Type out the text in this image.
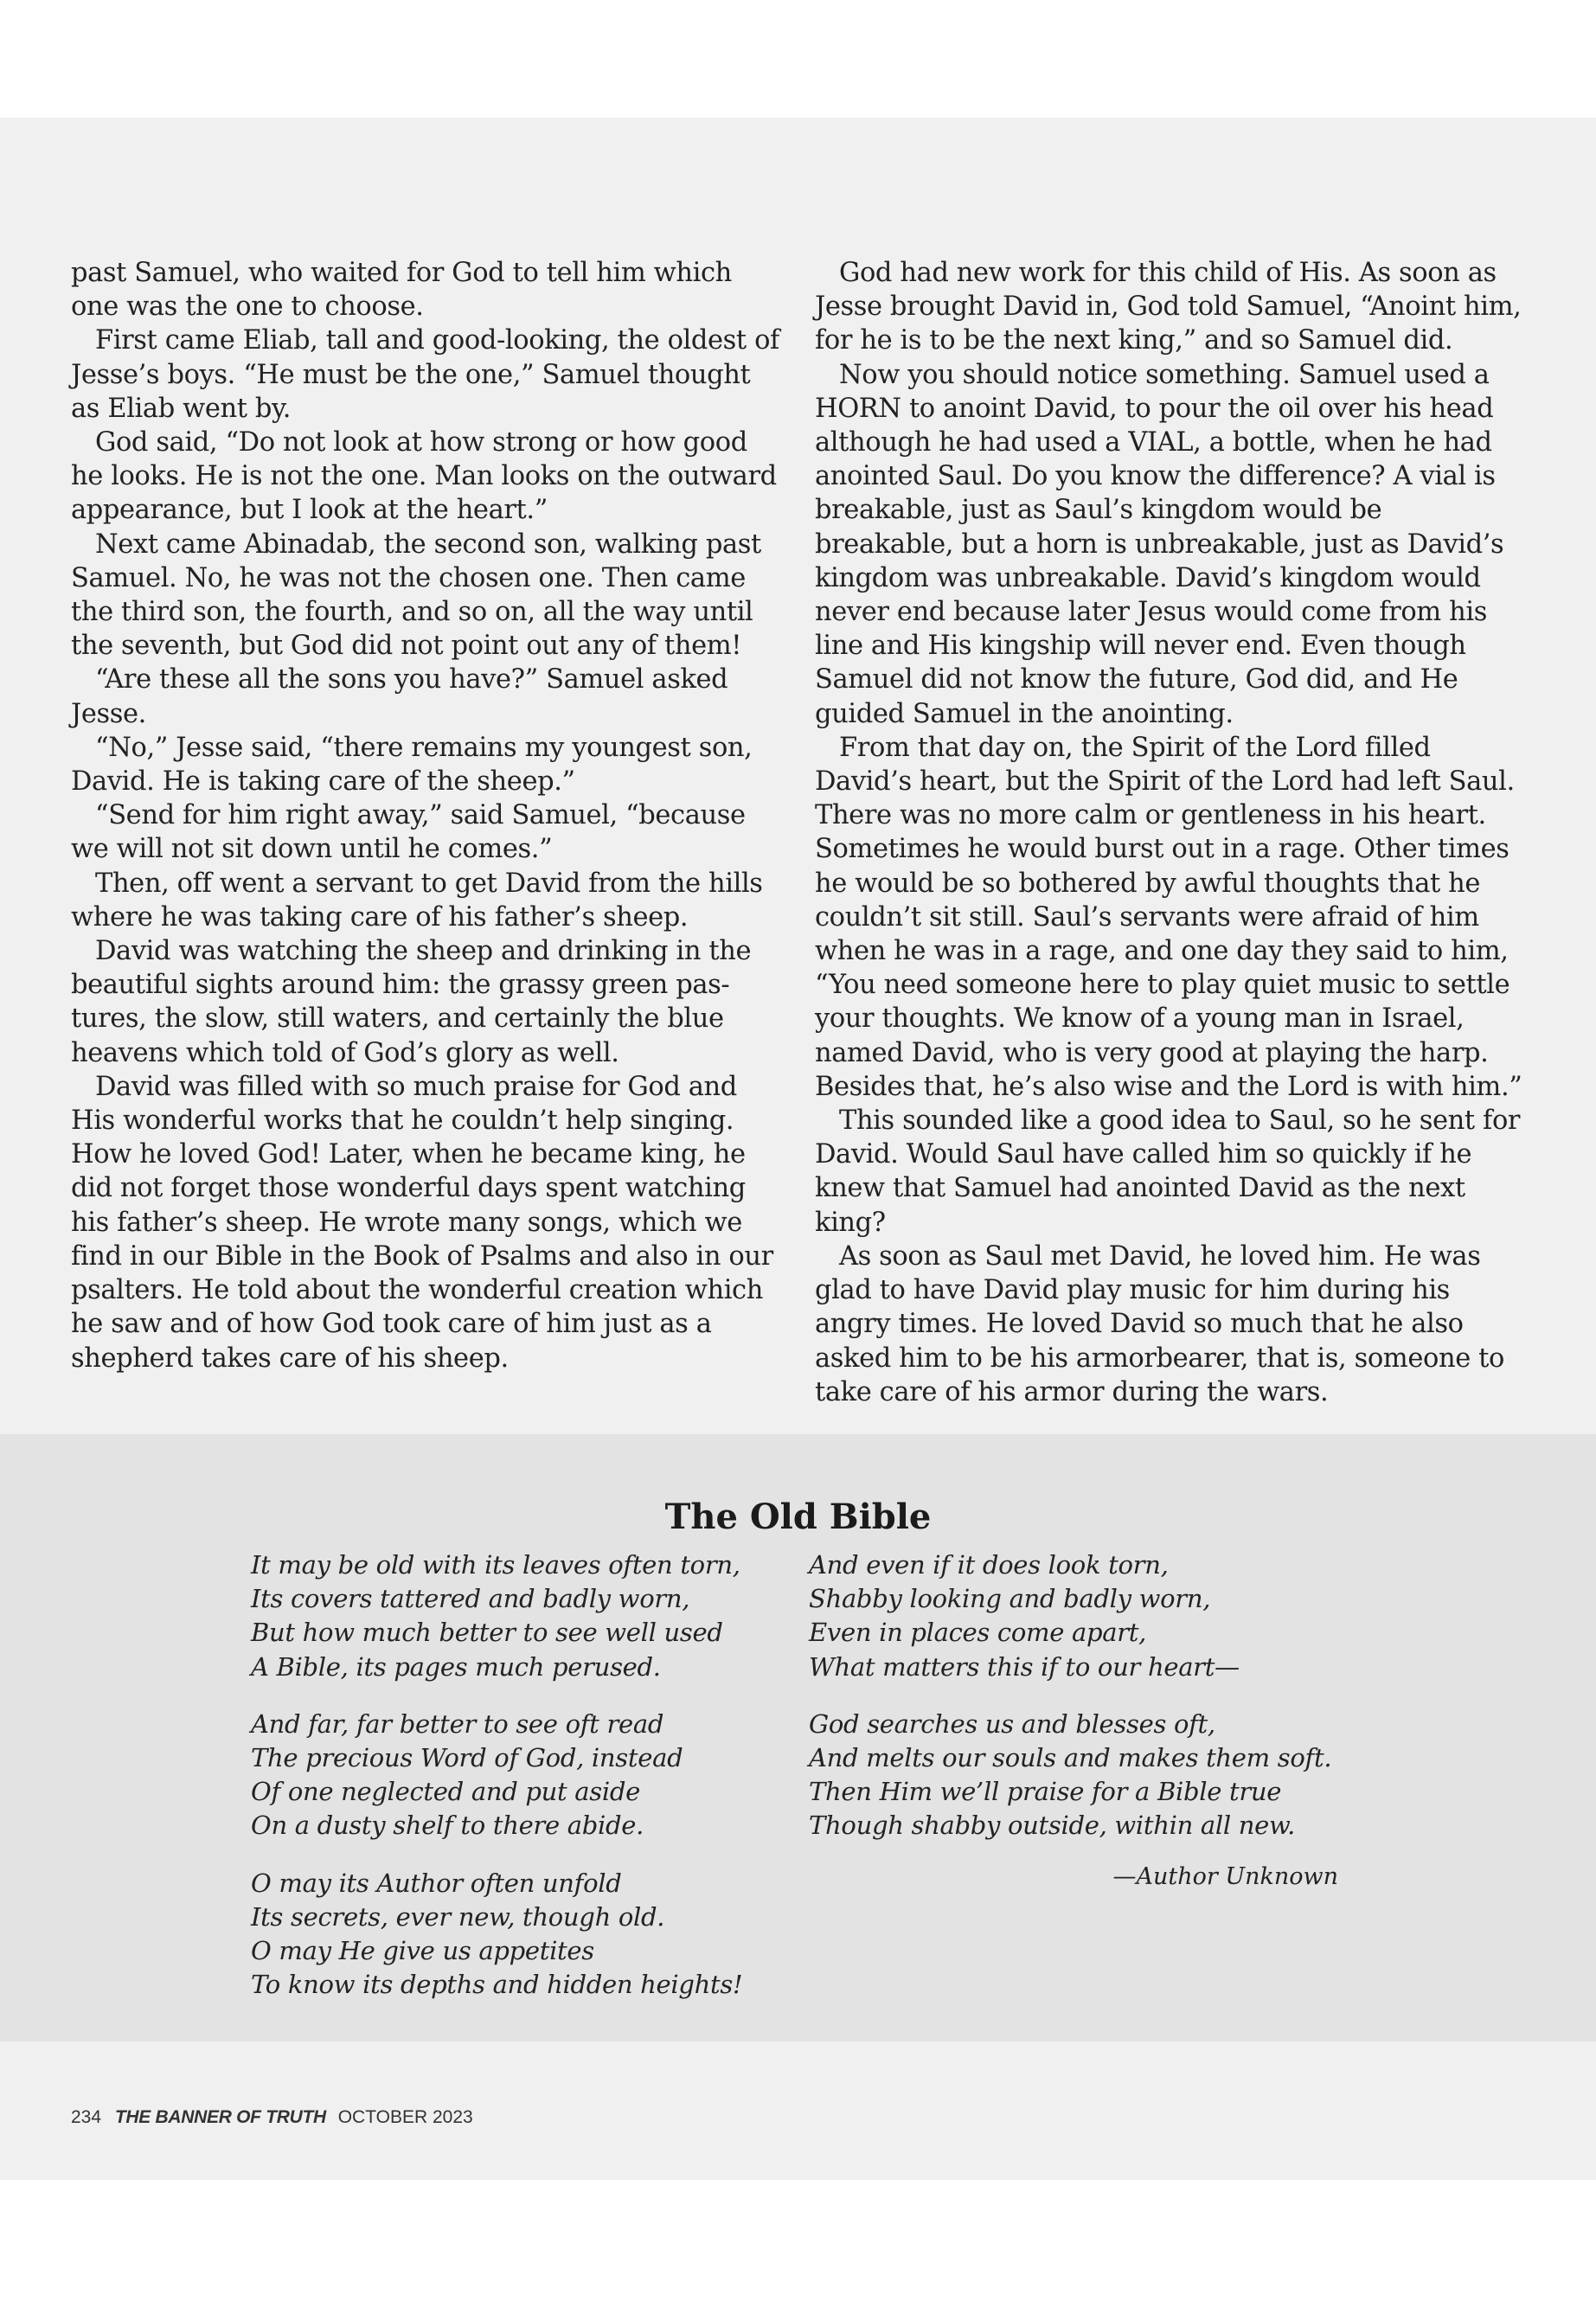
past Samuel, who waited for God to tell him which one was the one to choose.

First came Eliab, tall and good-looking, the oldest of Jesse’s boys. “He must be the one,” Samuel thought as Eliab went by.

God said, “Do not look at how strong or how good he looks. He is not the one. Man looks on the outward appearance, but I look at the heart.”

Next came Abinadab, the second son, walking past Samuel. No, he was not the chosen one. Then came the third son, the fourth, and so on, all the way until the seventh, but God did not point out any of them!

“Are these all the sons you have?” Samuel asked Jesse.

“No,” Jesse said, “there remains my youngest son, David. He is taking care of the sheep.”

“Send for him right away,” said Samuel, “because we will not sit down until he comes.”

Then, off went a servant to get David from the hills where he was taking care of his father’s sheep.

David was watching the sheep and drinking in the beautiful sights around him: the grassy green pastures, the slow, still waters, and certainly the blue heavens which told of God’s glory as well.

David was filled with so much praise for God and His wonderful works that he couldn’t help singing. How he loved God! Later, when he became king, he did not forget those wonderful days spent watching his father’s sheep. He wrote many songs, which we find in our Bible in the Book of Psalms and also in our psalters. He told about the wonderful creation which he saw and of how God took care of him just as a shepherd takes care of his sheep.

God had new work for this child of His. As soon as Jesse brought David in, God told Samuel, “Anoint him, for he is to be the next king,” and so Samuel did.

Now you should notice something. Samuel used a HORN to anoint David, to pour the oil over his head although he had used a VIAL, a bottle, when he had anointed Saul. Do you know the difference? A vial is breakable, just as Saul’s kingdom would be breakable, but a horn is unbreakable, just as David’s kingdom was unbreakable. David’s kingdom would never end because later Jesus would come from his line and His kingship will never end. Even though Samuel did not know the future, God did, and He guided Samuel in the anointing.

From that day on, the Spirit of the Lord filled David’s heart, but the Spirit of the Lord had left Saul. There was no more calm or gentleness in his heart. Sometimes he would burst out in a rage. Other times he would be so bothered by awful thoughts that he couldn’t sit still. Saul’s servants were afraid of him when he was in a rage, and one day they said to him, “You need someone here to play quiet music to settle your thoughts. We know of a young man in Israel, named David, who is very good at playing the harp. Besides that, he’s also wise and the Lord is with him.”

This sounded like a good idea to Saul, so he sent for David. Would Saul have called him so quickly if he knew that Samuel had anointed David as the next king?

As soon as Saul met David, he loved him. He was glad to have David play music for him during his angry times. He loved David so much that he also asked him to be his armorbearer, that is, someone to take care of his armor during the wars.

The Old Bible
It may be old with its leaves often torn,
Its covers tattered and badly worn,
But how much better to see well used
A Bible, its pages much perused.
And far, far better to see oft read
The precious Word of God, instead
Of one neglected and put aside
On a dusty shelf to there abide.
O may its Author often unfold
Its secrets, ever new, though old.
O may He give us appetites
To know its depths and hidden heights!
And even if it does look torn,
Shabby looking and badly worn,
Even in places come apart,
What matters this if to our heart—
God searches us and blesses oft,
And melts our souls and makes them soft.
Then Him we’ll praise for a Bible true
Though shabby outside, within all new.
—Author Unknown
234 THE BANNER OF TRUTH OCTOBER 2023
